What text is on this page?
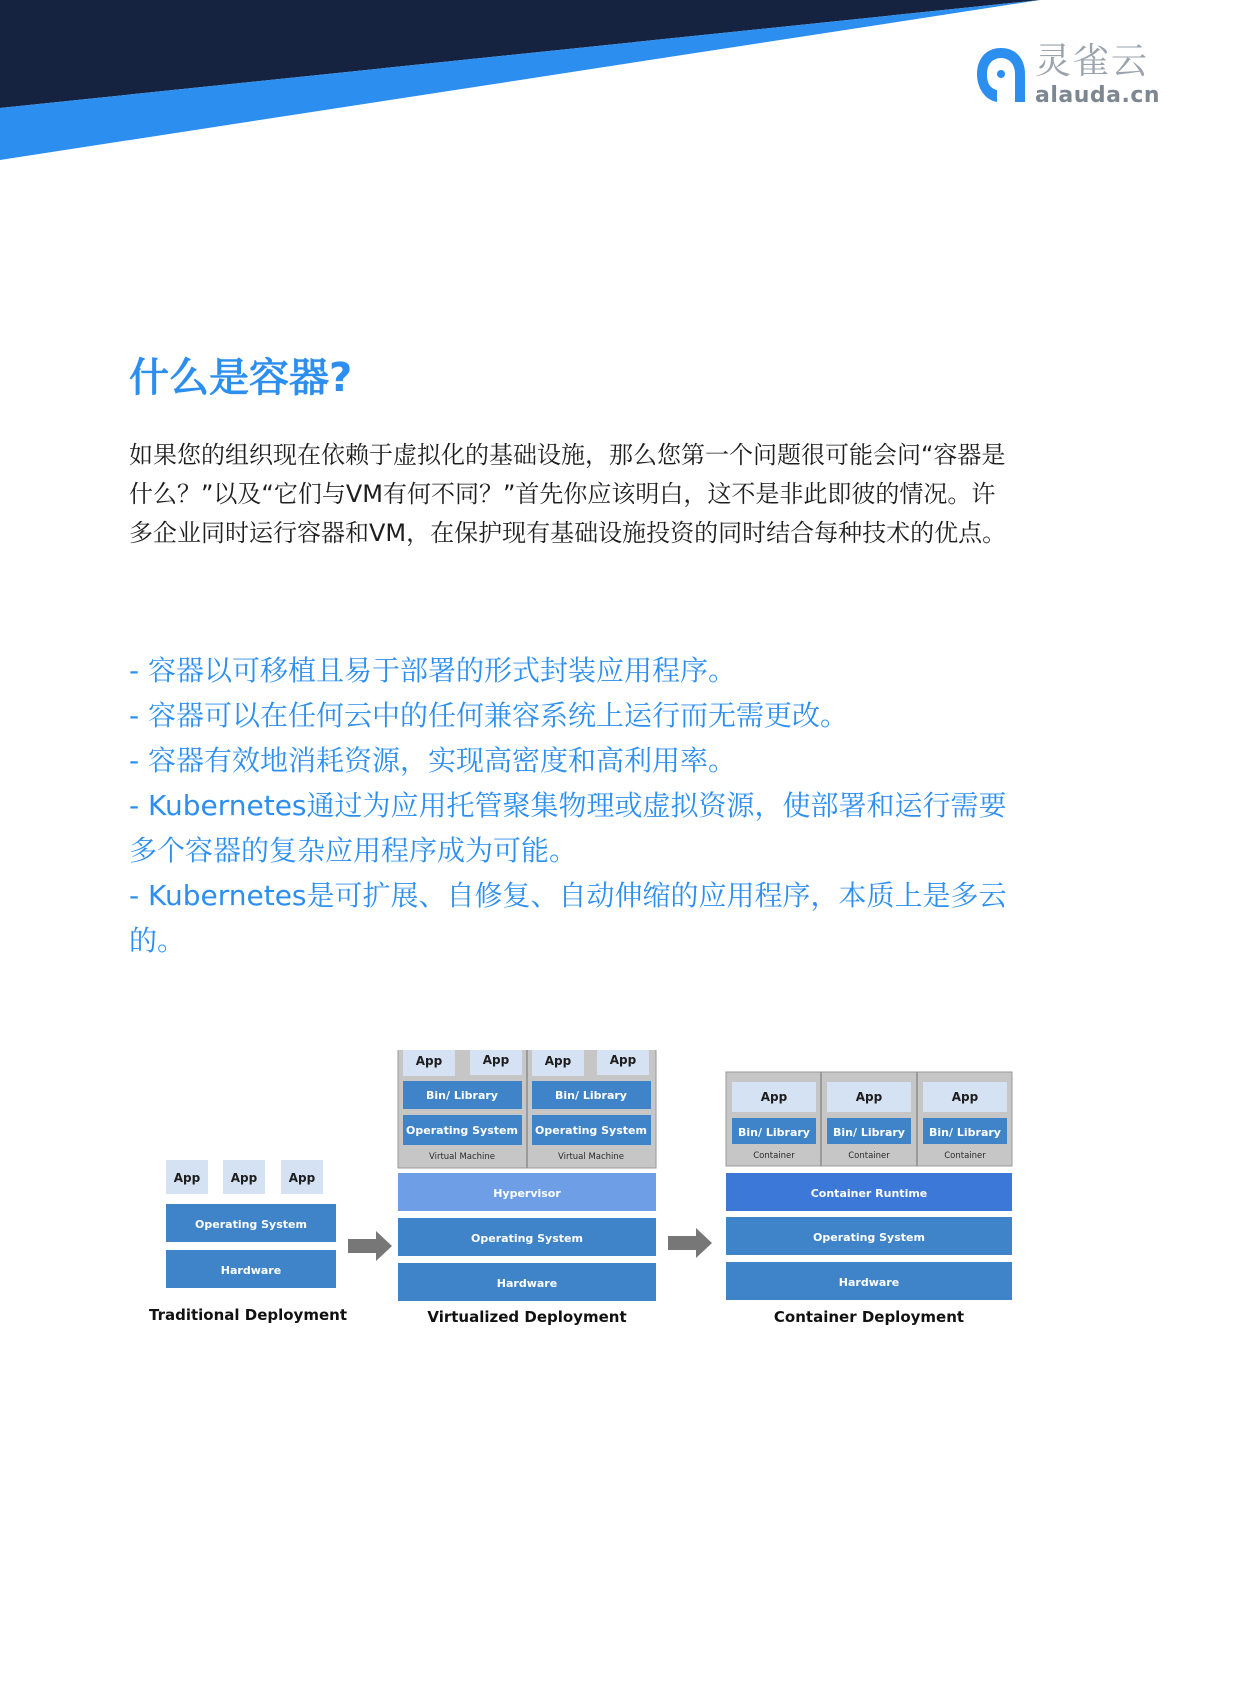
灵雀云
alauda.cn
什么是容器?

如果您的组织现在依赖于虚拟化的基础设施，那么您第一个问题很可能会问“容器是什么？”以及“它们与VM有何不同？”首先你应该明白，这不是非此即彼的情况。许多企业同时运行容器和VM，在保护现有基础设施投资的同时结合每种技术的优点。

- 容器以可移植且易于部署的形式封装应用程序。
- 容器可以在任何云中的任何兼容系统上运行而无需更改。
- 容器有效地消耗资源，实现高密度和高利用率。
- Kubernetes通过为应用托管聚集物理或虚拟资源，使部署和运行需要多个容器的复杂应用程序成为可能。
- Kubernetes是可扩展、自修复、自动伸缩的应用程序，本质上是多云的。
App	App	App
Operating System
Hardware
Traditional Deployment
App	App
Bin/ Library
Operating System
Virtual Machine
App	App
Bin/ Library
Operating System
Virtual Machine
Hypervisor
Operating System
Hardware
Virtualized Deployment
App
Bin/ Library
Container
App
Bin/ Library
Container
App
Bin/ Library
Container
Container Runtime
Operating System
Hardware
Container Deployment
